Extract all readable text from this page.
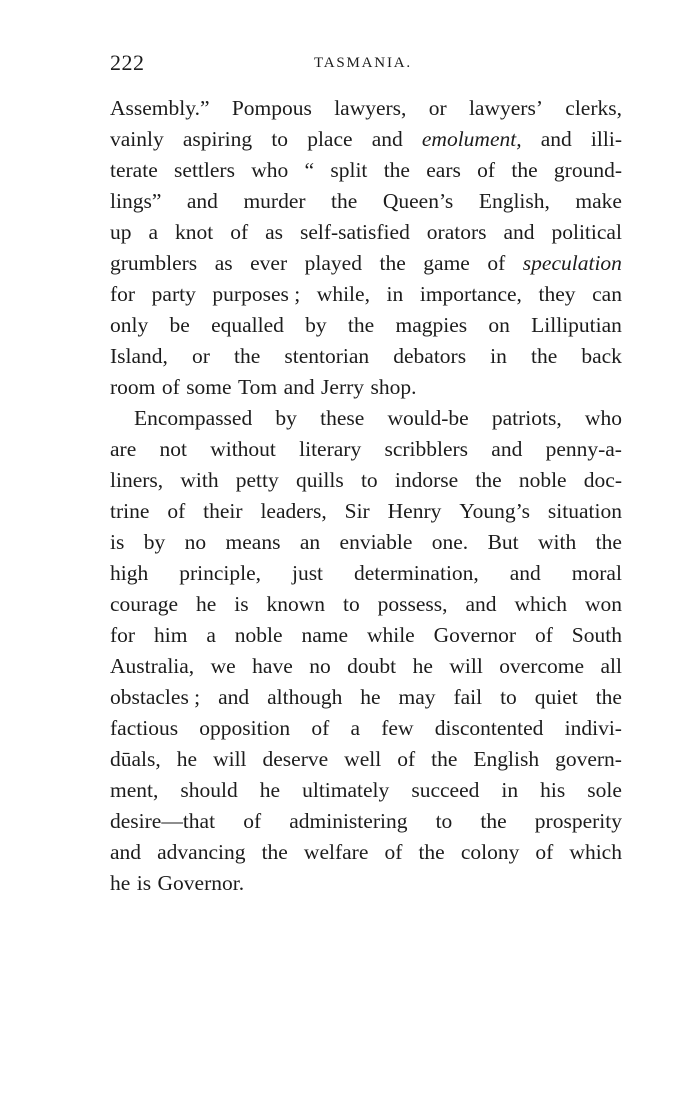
222	TASMANIA.
Assembly.” Pompous lawyers, or lawyers’ clerks,
vainly aspiring to place and emolument, and illi-
terate settlers who “ split the ears of the ground-
lings” and murder the Queen’s English, make
up a knot of as self-satisfied orators and political
grumblers as ever played the game of speculation
for party purposes ; while, in importance, they can
only be equalled by the magpies on Lilliputian
Island, or the stentorian debators in the back
room of some Tom and Jerry shop.
Encompassed by these would-be patriots, who
are not without literary scribblers and penny-a-
liners, with petty quills to indorse the noble doc-
trine of their leaders, Sir Henry Young’s situation
is by no means an enviable one. But with the
high principle, just determination, and moral
courage he is known to possess, and which won
for him a noble name while Governor of South
Australia, we have no doubt he will overcome all
obstacles ; and although he may fail to quiet the
factious opposition of a few discontented indivi-
dūals, he will deserve well of the English govern-
ment, should he ultimately succeed in his sole
desire—that of administering to the prosperity
and advancing the welfare of the colony of which
he is Governor.
